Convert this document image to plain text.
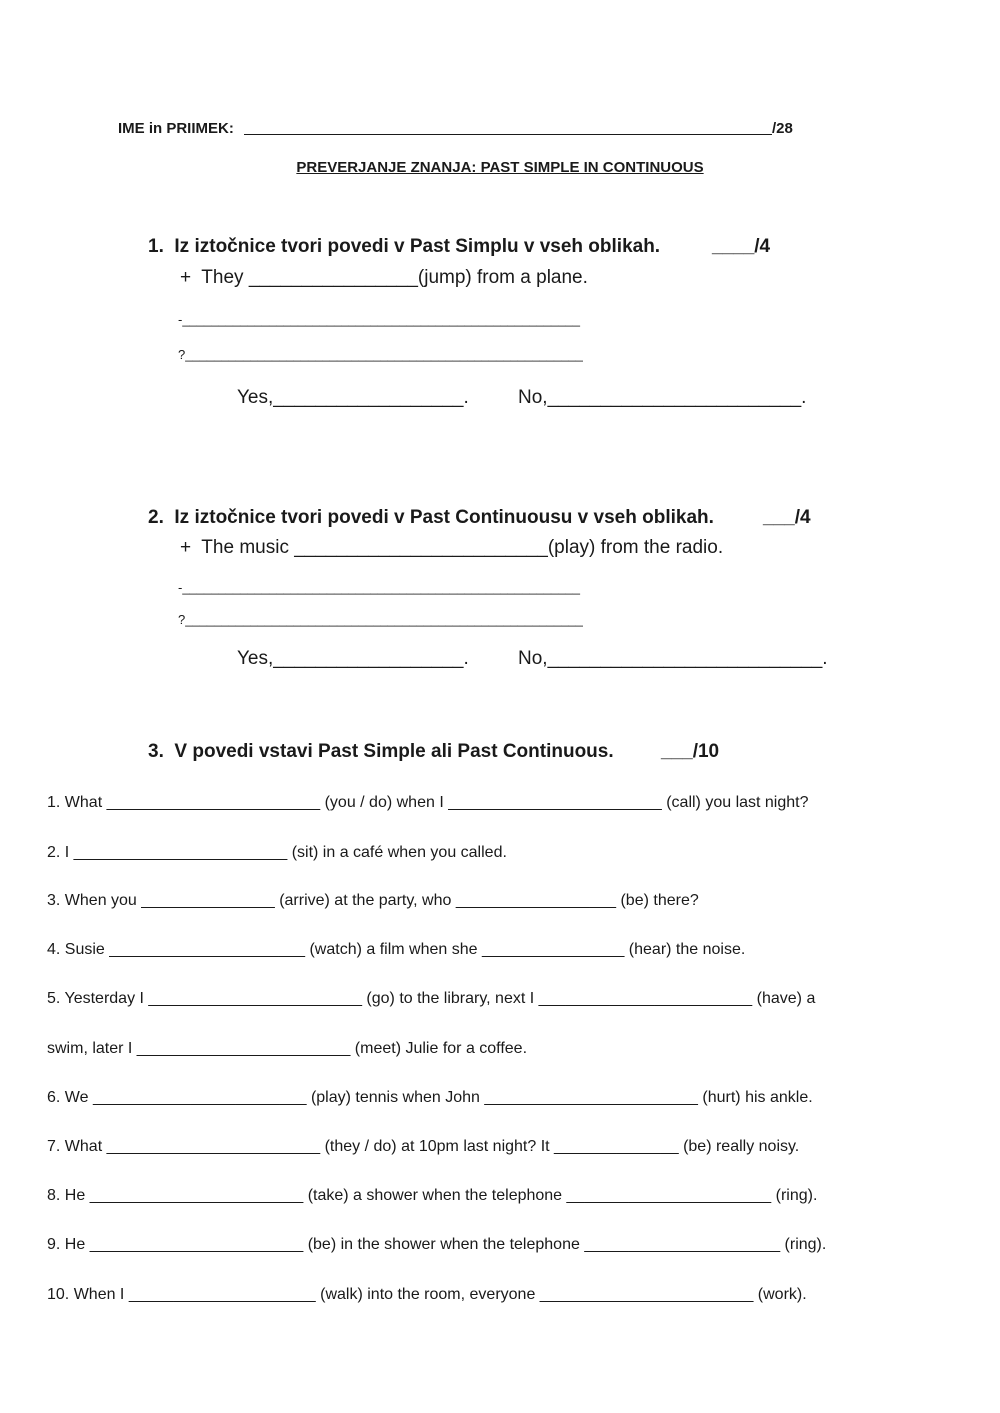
IME in PRIIMEK:	/28
PREVERJANJE ZNANJA: PAST SIMPLE IN CONTINUOUS
1.  Iz iztočnice tvori povedi v Past Simplu v vseh oblikah.	____/4
+  They ________________(jump) from a plane.
-_______________________________________________________
?_______________________________________________________
Yes,__________________.	No,________________________.
2.  Iz iztočnice tvori povedi v Past Continuousu v vseh oblikah.	___/4
+  The music ________________________(play) from the radio.
-_______________________________________________________
?_______________________________________________________
Yes,__________________.	No,__________________________.
3.  V povedi vstavi Past Simple ali Past Continuous. ___/10
1. What ________________________ (you / do) when I ________________________ (call) you last night?
2. I ________________________ (sit) in a café when you called.
3. When you _______________ (arrive) at the party, who __________________ (be) there?
4. Susie ______________________ (watch) a film when she ________________ (hear) the noise.
5. Yesterday I ________________________ (go) to the library, next I ________________________ (have) a
swim, later I ________________________ (meet) Julie for a coffee.
6. We ________________________ (play) tennis when John ________________________ (hurt) his ankle.
7. What ________________________ (they / do) at 10pm last night? It ______________ (be) really noisy.
8. He ________________________ (take) a shower when the telephone _______________________ (ring).
9. He ________________________ (be) in the shower when the telephone ______________________ (ring).
10. When I _____________________ (walk) into the room, everyone ________________________ (work).
